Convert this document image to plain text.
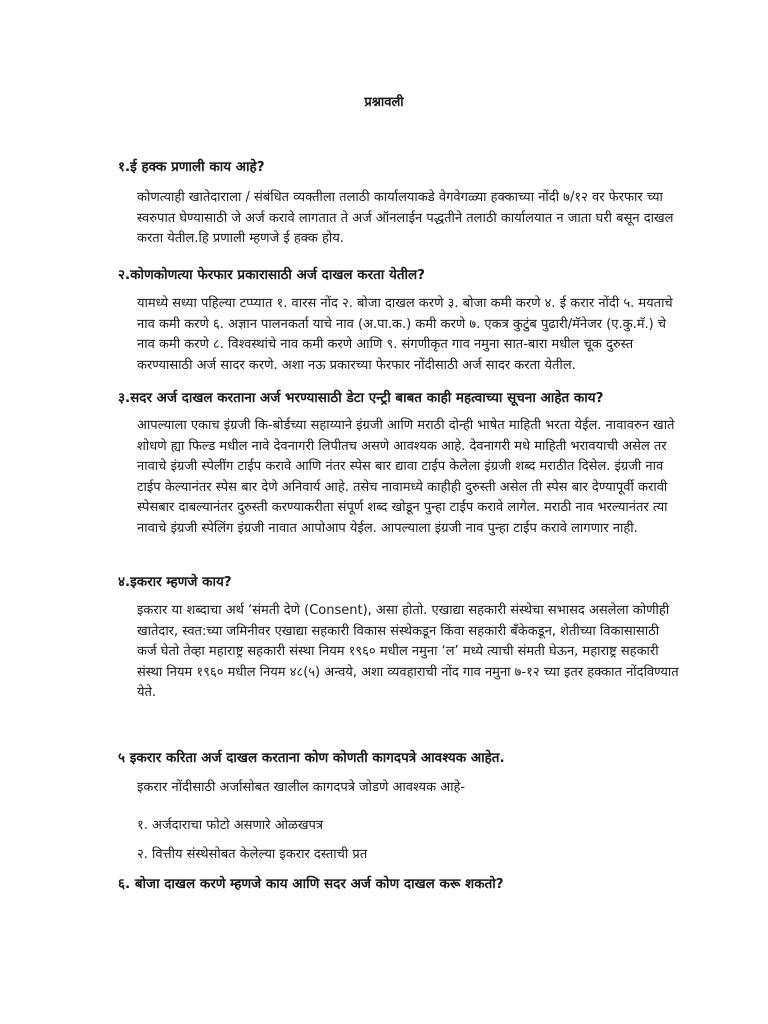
प्रश्नावली
१.ई हक्क प्रणाली काय आहे?

कोणत्याही खातेदाराला / संबंधित व्यक्तीला तलाठी कार्यालयाकडे वेगवेगळ्या हक्काच्या नोंदी ७/१२ वर फेरफार च्या स्वरुपात घेण्यासाठी जे अर्ज करावे लागतात ते अर्ज ऑनलाईन पद्धतीने तलाठी कार्यालयात न जाता घरी बसून दाखल करता येतील.हि प्रणाली म्हणजे ई हक्क होय.

२.कोणकोणत्या फेरफार प्रकारासाठी अर्ज दाखल करता येतील?

यामध्ये सध्या पहिल्या टप्प्यात १. वारस नोंद २. बोजा दाखल करणे ३. बोजा कमी करणे ४. ई करार नोंदी ५. मयताचे नाव कमी करणे ६. अज्ञान पालनकर्ता याचे नाव (अ.पा.क.) कमी करणे ७. एकत्र कुटुंब पुढारी/मॅनेजर (ए.कु.मॅ.) चे नाव कमी करणे ८. विश्वस्थांचे नाव कमी करणे आणि ९. संगणीकृत गाव नमुना सात-बारा मधील चूक दुरुस्त करण्यासाठी अर्ज सादर करणे. अशा नऊ प्रकारच्या फेरफार नोंदीसाठी अर्ज सादर करता येतील.

३.सदर अर्ज दाखल करताना अर्ज भरण्यासाठी डेटा एन्ट्री बाबत काही महत्वाच्या सूचना आहेत काय?

आपल्याला एकाच इंग्रजी कि-बोर्डच्या सहाय्याने इंग्रजी आणि मराठी दोन्ही भाषेत माहिती भरता येईल. नावावरुन खाते शोधणे ह्या फिल्ड मधील नावे देवनागरी लिपीतच असणे आवश्यक आहे. देवनागरी मधे माहिती भरावयाची असेल तर नावाचे इंग्रजी स्पेलींग टाईप करावे आणि नंतर स्पेस बार द्यावा टाईप केलेला इंग्रजी शब्द मराठीत दिसेल. इंग्रजी नाव टाईप केल्यानंतर स्पेस बार देणे अनिवार्य आहे. तसेच नावामध्ये काहीही दुरुस्ती असेल ती स्पेस बार देण्यापूर्वी करावी स्पेसबार दाबल्यानंतर दुरुस्ती करण्याकरीता संपूर्ण शब्द खोडून पुन्हा टाईप करावे लागेल. मराठी नाव भरल्यानंतर त्या नावाचे इंग्रजी स्पेलिंग इंग्रजी नावात आपोआप येईल. आपल्याला इंग्रजी नाव पुन्हा टाईप करावे लागणार नाही.

४.इकरार म्हणजे काय?

इकरार या शब्दाचा अर्थ ‘संमती देणे (Consent), असा होतो. एखाद्या सहकारी संस्थेचा सभासद असलेला कोणीही खातेदार, स्वत:च्या जमिनीवर एखाद्या सहकारी विकास संस्थेकडून किंवा सहकारी बँकेकडून, शेतीच्या विकासासाठी कर्ज घेतो तेव्हा महाराष्ट्र सहकारी संस्था नियम १९६० मधील नमुना ‘ल’ मध्ये त्याची संमती घेऊन, महाराष्ट्र सहकारी संस्था नियम १९६० मधील नियम ४८(५) अन्वये, अशा व्यवहाराची नोंद गाव नमुना ७-१२ च्या इतर हक्कात नोंदविण्यात येते.

५ इकरार करिता अर्ज दाखल करताना कोण कोणती कागदपत्रे आवश्यक आहेत.

इकरार नोंदीसाठी अर्जासोबत खालील कागदपत्रे जोडणे आवश्यक आहे-

१. अर्जदाराचा फोटो असणारे ओळखपत्र

२. वित्तीय संस्थेसोबत केलेल्या इकरार दस्ताची प्रत

६. बोजा दाखल करणे म्हणजे काय आणि सदर अर्ज कोण दाखल करू शकतो?
